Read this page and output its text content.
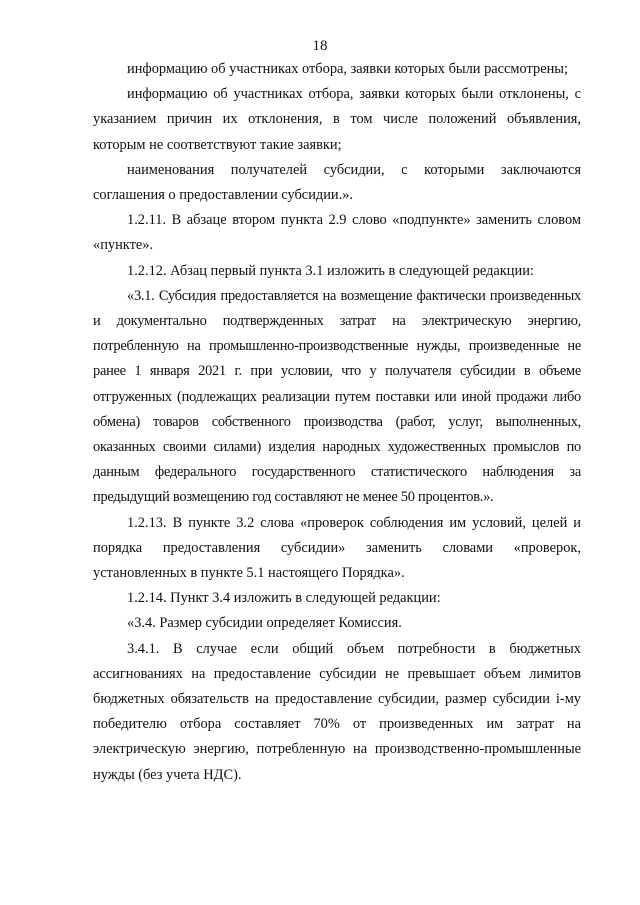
18

информацию об участниках отбора, заявки которых были рассмотрены;

информацию об участниках отбора, заявки которых были отклонены, с указанием причин их отклонения, в том числе положений объявления, которым не соответствуют такие заявки;

наименования получателей субсидии, с которыми заключаются соглашения о предоставлении субсидии.».

1.2.11. В абзаце втором пункта 2.9 слово «подпункте» заменить словом «пункте».

1.2.12. Абзац первый пункта 3.1 изложить в следующей редакции:

«3.1. Субсидия предоставляется на возмещение фактически произведенных и документально подтвержденных затрат на электрическую энергию, потребленную на промышленно-производственные нужды, произведенные не ранее 1 января 2021 г. при условии, что у получателя субсидии в объеме отгруженных (подлежащих реализации путем поставки или иной продажи либо обмена) товаров собственного производства (работ, услуг, выполненных, оказанных своими силами) изделия народных художественных промыслов по данным федерального государственного статистического наблюдения за предыдущий возмещению год составляют не менее 50 процентов.».

1.2.13. В пункте 3.2 слова «проверок соблюдения им условий, целей и порядка предоставления субсидии» заменить словами «проверок, установленных в пункте 5.1 настоящего Порядка».

1.2.14. Пункт 3.4 изложить в следующей редакции:

«3.4. Размер субсидии определяет Комиссия.

3.4.1. В случае если общий объем потребности в бюджетных ассигнованиях на предоставление субсидии не превышает объем лимитов бюджетных обязательств на предоставление субсидии, размер субсидии i-му победителю отбора составляет 70% от произведенных им затрат на электрическую энергию, потребленную на производственно-промышленные нужды (без учета НДС).
